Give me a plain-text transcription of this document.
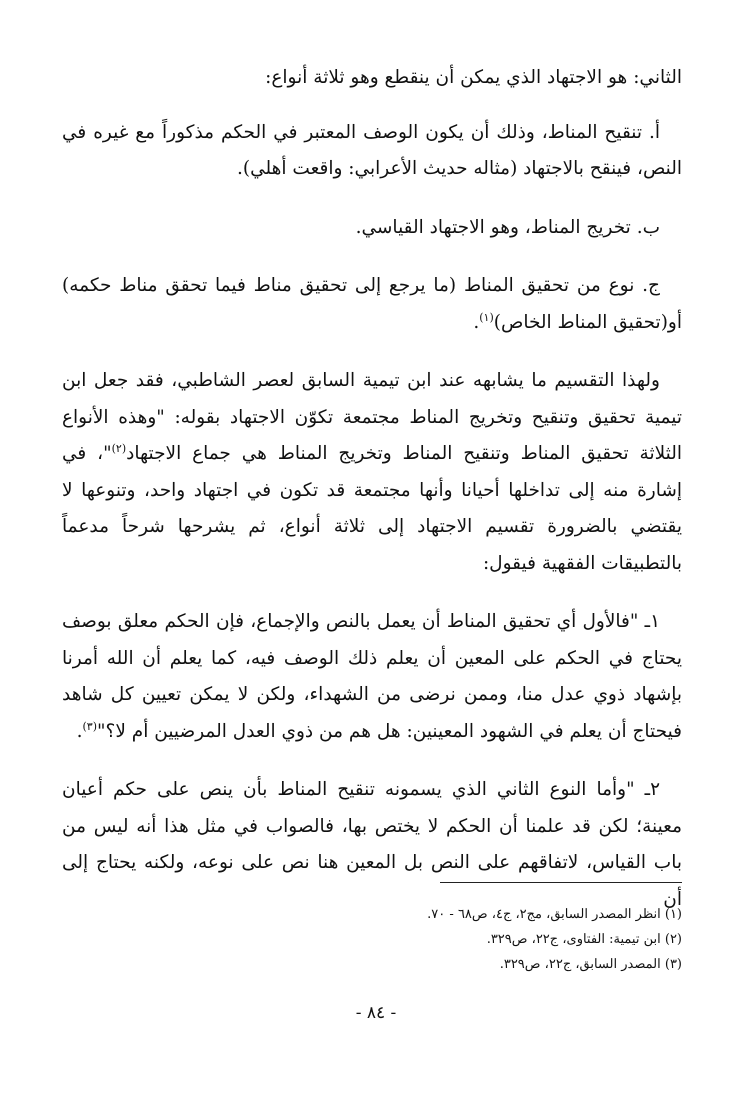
الثاني: هو الاجتهاد الذي يمكن أن ينقطع وهو ثلاثة أنواع:

أ. تنقيح المناط، وذلك أن يكون الوصف المعتبر في الحكم مذكوراً مع غيره في النص، فينقح بالاجتهاد (مثاله حديث الأعرابي: واقعت أهلي).

ب. تخريج المناط، وهو الاجتهاد القياسي.

ج. نوع من تحقيق المناط (ما يرجع إلى تحقيق مناط فيما تحقق مناط حكمه) أو(تحقيق المناط الخاص)$^{(١)}$.

ولهذا التقسيم ما يشابهه عند ابن تيمية السابق لعصر الشاطبي، فقد جعل ابن تيمية تحقيق وتنقيح وتخريج المناط مجتمعة تكوّن الاجتهاد بقوله: "وهذه الأنواع الثلاثة تحقيق المناط وتنقيح المناط وتخريج المناط هي جماع الاجتهاد$^{(٢)}$"، في إشارة منه إلى تداخلها أحيانا وأنها مجتمعة قد تكون في اجتهاد واحد، وتنوعها لا يقتضي بالضرورة تقسيم الاجتهاد إلى ثلاثة أنواع، ثم يشرحها شرحاً مدعماً بالتطبيقات الفقهية فيقول:

١ـ "فالأول أي تحقيق المناط أن يعمل بالنص والإجماع، فإن الحكم معلق بوصف يحتاج في الحكم على المعين أن يعلم ذلك الوصف فيه، كما يعلم أن الله أمرنا بإشهاد ذوي عدل منا، وممن نرضى من الشهداء، ولكن لا يمكن تعيين كل شاهد فيحتاج أن يعلم في الشهود المعينين: هل هم من ذوي العدل المرضيين أم لا؟"$^{(٣)}$.

٢ـ "وأما النوع الثاني الذي يسمونه تنقيح المناط بأن ينص على حكم أعيان معينة؛ لكن قد علمنا أن الحكم لا يختص بها، فالصواب في مثل هذا أنه ليس من باب القياس، لاتفاقهم على النص بل المعين هنا نص على نوعه، ولكنه يحتاج إلى أن

(١) انظر المصدر السابق، مج٢، ج٤، ص٦٨ - ٧٠.

(٢) ابن تيمية: الفتاوى، ج٢٢، ص٣٢٩.

(٣) المصدر السابق، ج٢٢، ص٣٢٩.

- ٨٤ -
